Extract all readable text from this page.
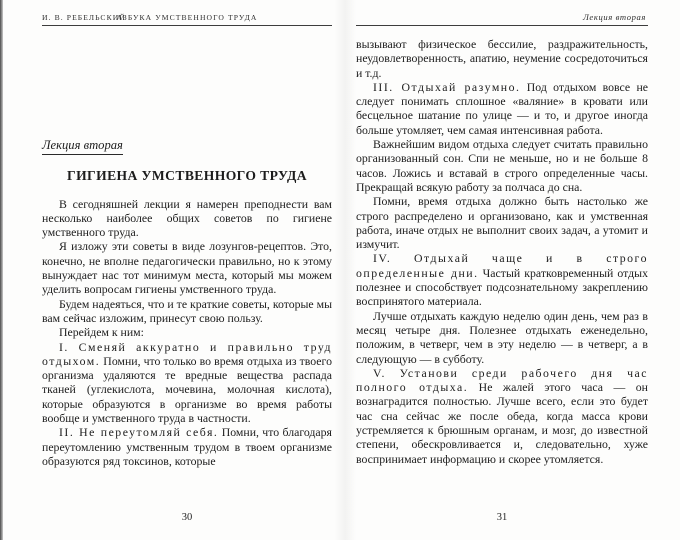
И. В. РЕБЕЛЬСКИЙ
АЗБУКА УМСТВЕННОГО ТРУДА
Лекция вторая
ГИГИЕНА УМСТВЕННОГО ТРУДА

В сегодняшней лекции я намерен преподнести вам несколько наиболее общих советов по гигиене умственного труда.

Я изложу эти советы в виде лозунгов-рецептов. Это, конечно, не вполне педагогически правильно, но к этому вынуждает нас тот минимум места, который мы можем уделить вопросам гигиены умственного труда.

Будем надеяться, что и те краткие советы, которые мы вам сейчас изложим, принесут свою пользу.

Перейдем к ним:

I. Сменяй аккуратно и правильно труд отдыхом. Помни, что только во время отдыха из твоего организма удаляются те вредные вещества распада тканей (углекислота, мочевина, молочная кислота), которые образуются в организме во время работы вообще и умственного труда в частности.

II. Не переутомляй себя. Помни, что благодаря переутомлению умственным трудом в твоем организме образуются ряд токсинов, которые

30
Лекция вторая

вызывают физическое бессилие, раздражительность, неудовлетворенность, апатию, неумение сосредоточиться и т.д.

III. Отдыхай разумно. Под отдыхом вовсе не следует понимать сплошное «валяние» в кровати или бесцельное шатание по улице — и то, и другое иногда больше утомляет, чем самая интенсивная работа.

Важнейшим видом отдыха следует считать правильно организованный сон. Спи не меньше, но и не больше 8 часов. Ложись и вставай в строго определенные часы. Прекращай всякую работу за полчаса до сна.

Помни, время отдыха должно быть настолько же строго распределено и организовано, как и умственная работа, иначе отдых не выполнит своих задач, а утомит и измучит.

IV. Отдыхай чаще и в строго определенные дни. Частый кратковременный отдых полезнее и способствует подсознательному закреплению воспринятого материала.

Лучше отдыхать каждую неделю один день, чем раз в месяц четыре дня. Полезнее отдыхать еженедельно, положим, в четверг, чем в эту неделю — в четверг, а в следующую — в субботу.

V. Установи среди рабочего дня час полного отдыха. Не жалей этого часа — он вознаградится полностью. Лучше всего, если это будет час сна сейчас же после обеда, когда масса крови устремляется к брюшным органам, и мозг, до известной степени, обескровливается и, следовательно, хуже воспринимает информацию и скорее утомляется.

31
